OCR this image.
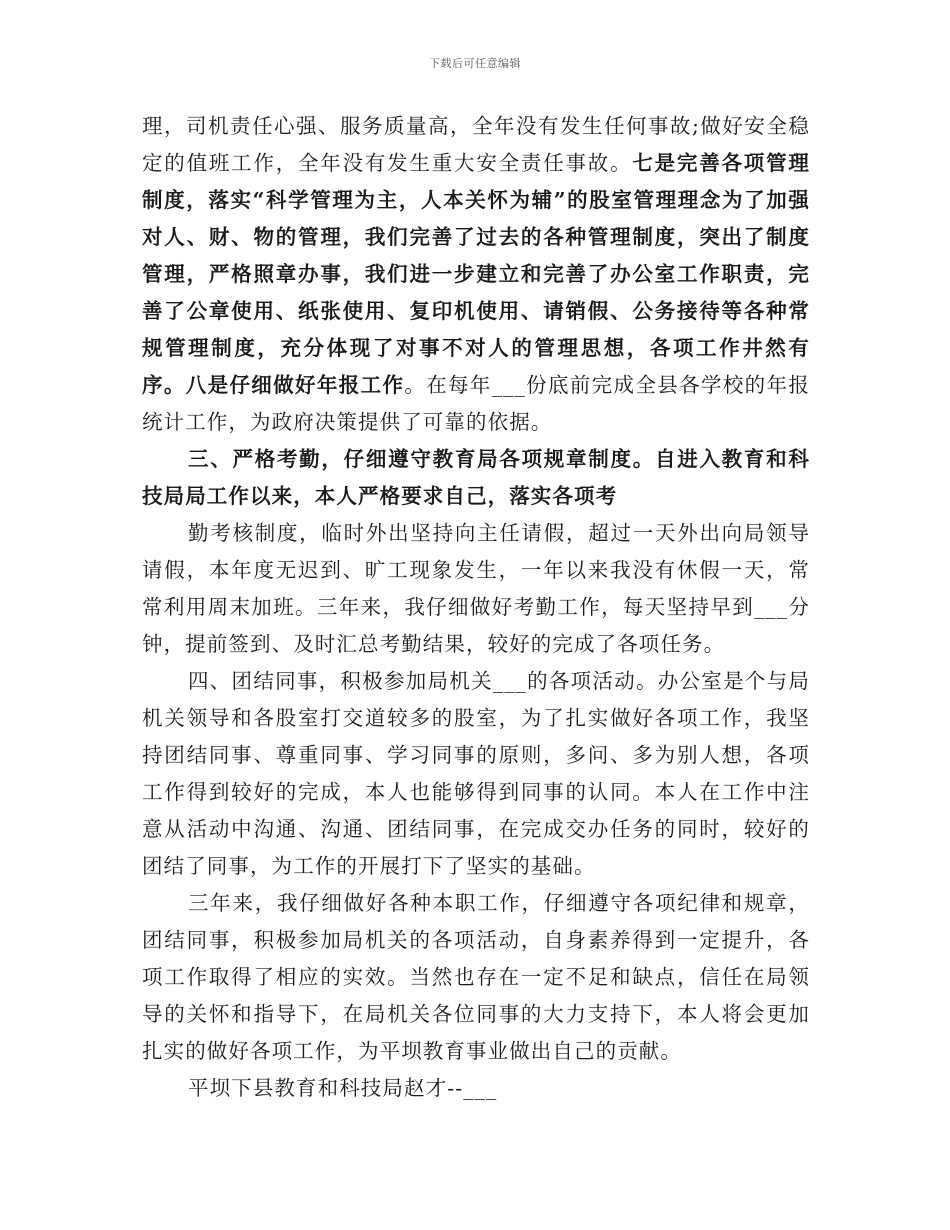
下载后可任意编辑

理，司机责任心强、服务质量高，全年没有发生任何事故;做好安全稳定的值班工作，全年没有发生重大安全责任事故。七是完善各项管理制度，落实“科学管理为主，人本关怀为辅”的股室管理理念为了加强对人、财、物的管理，我们完善了过去的各种管理制度，突出了制度管理，严格照章办事，我们进一步建立和完善了办公室工作职责，完善了公章使用、纸张使用、复印机使用、请销假、公务接待等各种常规管理制度，充分体现了对事不对人的管理思想，各项工作井然有序。八是仔细做好年报工作。在每年___份底前完成全县各学校的年报统计工作，为政府决策提供了可靠的依据。

三、严格考勤，仔细遵守教育局各项规章制度。自进入教育和科技局局工作以来，本人严格要求自己，落实各项考

勤考核制度，临时外出坚持向主任请假，超过一天外出向局领导请假，本年度无迟到、旷工现象发生，一年以来我没有休假一天，常常利用周末加班。三年来，我仔细做好考勤工作，每天坚持早到___分钟，提前签到、及时汇总考勤结果，较好的完成了各项任务。

四、团结同事，积极参加局机关___的各项活动。办公室是个与局机关领导和各股室打交道较多的股室，为了扎实做好各项工作，我坚持团结同事、尊重同事、学习同事的原则，多问、多为别人想，各项工作得到较好的完成，本人也能够得到同事的认同。本人在工作中注意从活动中沟通、沟通、团结同事，在完成交办任务的同时，较好的团结了同事，为工作的开展打下了坚实的基础。

三年来，我仔细做好各种本职工作，仔细遵守各项纪律和规章，团结同事，积极参加局机关的各项活动，自身素养得到一定提升，各项工作取得了相应的实效。当然也存在一定不足和缺点，信任在局领导的关怀和指导下，在局机关各位同事的大力支持下，本人将会更加扎实的做好各项工作，为平坝教育事业做出自己的贡献。

平坝下县教育和科技局赵才--___
